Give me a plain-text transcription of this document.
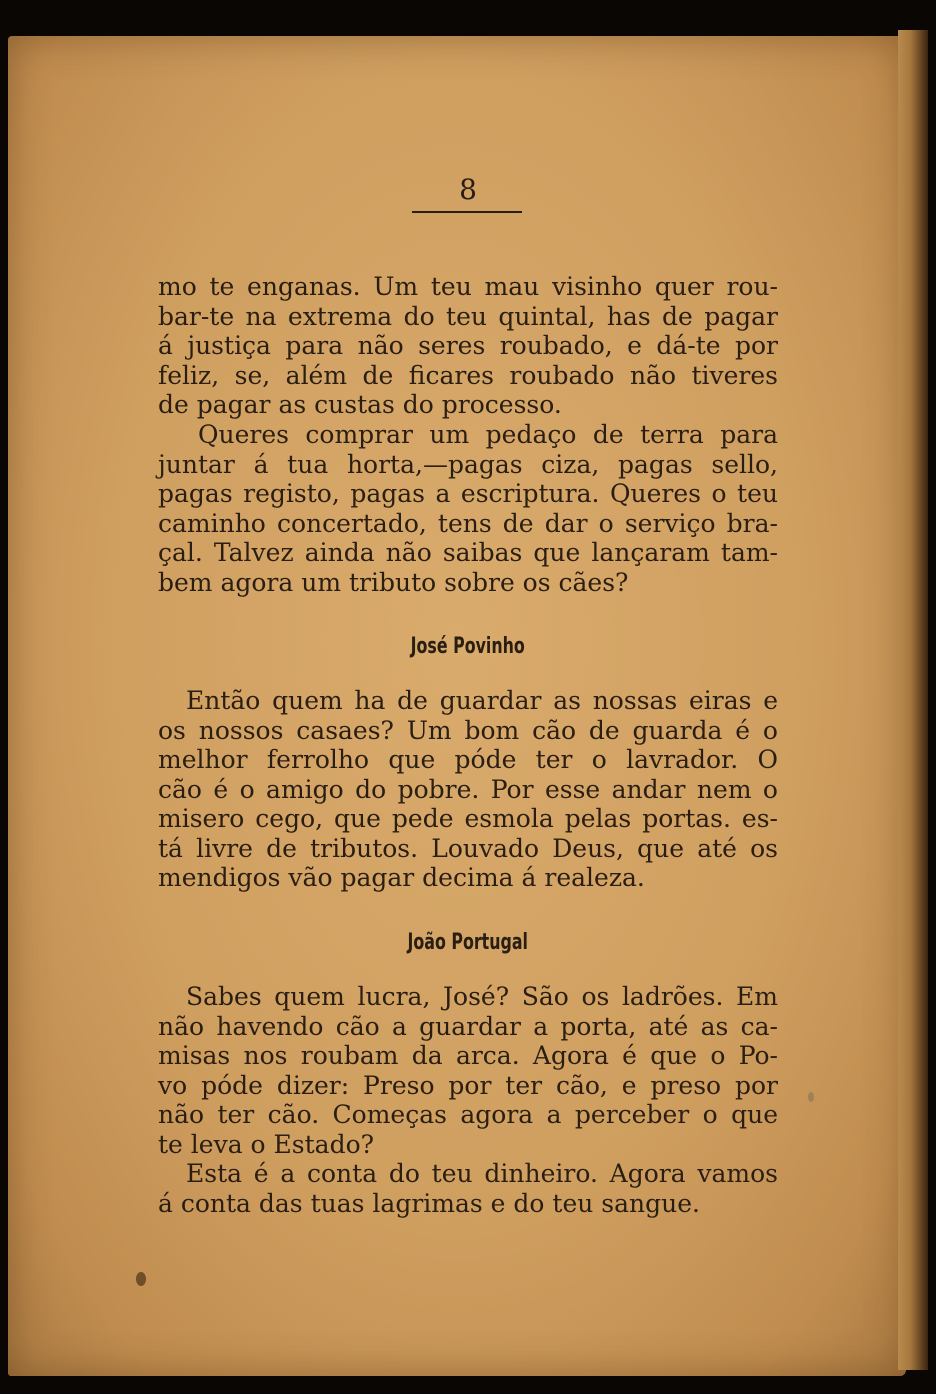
8
mo te enganas. Um teu mau visinho quer rou-
bar-te na extrema do teu quintal, has de pagar
á justiça para não seres roubado, e dá-te por
feliz, se, além de ficares roubado não tiveres
de pagar as custas do processo.
Queres comprar um pedaço de terra para
juntar á tua horta,—pagas ciza, pagas sello,
pagas registo, pagas a escriptura. Queres o teu
caminho concertado, tens de dar o serviço bra-
çal. Talvez ainda não saibas que lançaram tam-
bem agora um tributo sobre os cães?
José Povinho
Então quem ha de guardar as nossas eiras e
os nossos casaes? Um bom cão de guarda é o
melhor ferrolho que póde ter o lavrador. O
cão é o amigo do pobre. Por esse andar nem o
misero cego, que pede esmola pelas portas. es-
tá livre de tributos. Louvado Deus, que até os
mendigos vão pagar decima á realeza.
João Portugal
Sabes quem lucra, José? São os ladrões. Em
não havendo cão a guardar a porta, até as ca-
misas nos roubam da arca. Agora é que o Po-
vo póde dizer: Preso por ter cão, e preso por
não ter cão. Começas agora a perceber o que
te leva o Estado?
Esta é a conta do teu dinheiro. Agora vamos
á conta das tuas lagrimas e do teu sangue.
